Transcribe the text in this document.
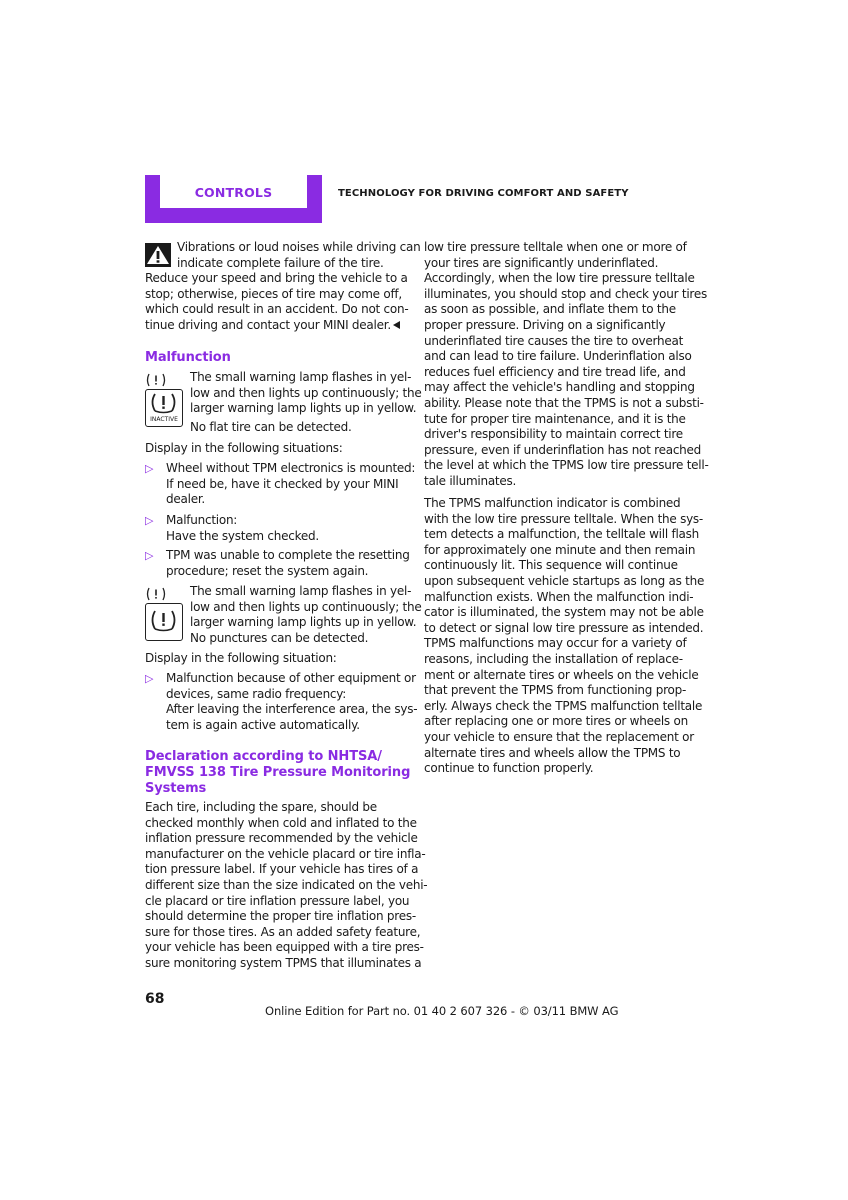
CONTROLS	TECHNOLOGY FOR DRIVING COMFORT AND SAFETY
Vibrations or loud noises while driving can
indicate complete failure of the tire.
Reduce your speed and bring the vehicle to a
stop; otherwise, pieces of tire may come off,
which could result in an accident. Do not con-
tinue driving and contact your MINI dealer.
Malfunction
INACTIVE
The small warning lamp flashes in yel-
low and then lights up continuously; the
larger warning lamp lights up in yellow.
No flat tire can be detected.
Display in the following situations:
▷ Wheel without TPM electronics is mounted:
If need be, have it checked by your MINI
dealer.
▷ Malfunction:
Have the system checked.
▷ TPM was unable to complete the resetting
procedure; reset the system again.
The small warning lamp flashes in yel-
low and then lights up continuously; the
larger warning lamp lights up in yellow.
No punctures can be detected.
Display in the following situation:
▷ Malfunction because of other equipment or
devices, same radio frequency:
After leaving the interference area, the sys-
tem is again active automatically.
Declaration according to NHTSA/
FMVSS 138 Tire Pressure Monitoring
Systems
Each tire, including the spare, should be
checked monthly when cold and inflated to the
inflation pressure recommended by the vehicle
manufacturer on the vehicle placard or tire infla-
tion pressure label. If your vehicle has tires of a
different size than the size indicated on the vehi-
cle placard or tire inflation pressure label, you
should determine the proper tire inflation pres-
sure for those tires. As an added safety feature,
your vehicle has been equipped with a tire pres-
sure monitoring system TPMS that illuminates a
low tire pressure telltale when one or more of
your tires are significantly underinflated.
Accordingly, when the low tire pressure telltale
illuminates, you should stop and check your tires
as soon as possible, and inflate them to the
proper pressure. Driving on a significantly
underinflated tire causes the tire to overheat
and can lead to tire failure. Underinflation also
reduces fuel efficiency and tire tread life, and
may affect the vehicle's handling and stopping
ability. Please note that the TPMS is not a substi-
tute for proper tire maintenance, and it is the
driver's responsibility to maintain correct tire
pressure, even if underinflation has not reached
the level at which the TPMS low tire pressure tell-
tale illuminates.
The TPMS malfunction indicator is combined
with the low tire pressure telltale. When the sys-
tem detects a malfunction, the telltale will flash
for approximately one minute and then remain
continuously lit. This sequence will continue
upon subsequent vehicle startups as long as the
malfunction exists. When the malfunction indi-
cator is illuminated, the system may not be able
to detect or signal low tire pressure as intended.
TPMS malfunctions may occur for a variety of
reasons, including the installation of replace-
ment or alternate tires or wheels on the vehicle
that prevent the TPMS from functioning prop-
erly. Always check the TPMS malfunction telltale
after replacing one or more tires or wheels on
your vehicle to ensure that the replacement or
alternate tires and wheels allow the TPMS to
continue to function properly.
68
Online Edition for Part no. 01 40 2 607 326 - © 03/11 BMW AG
